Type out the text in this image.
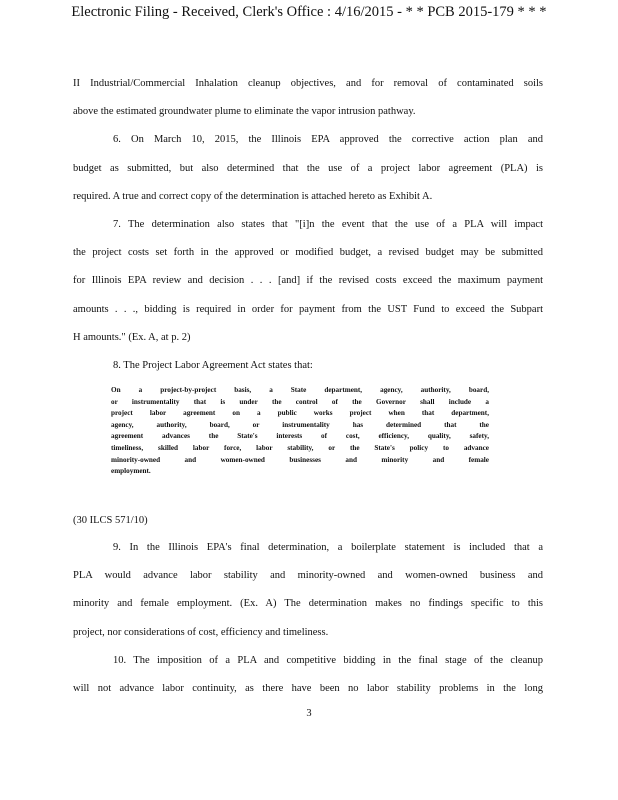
Electronic Filing - Received, Clerk's Office : 4/16/2015 - * * PCB 2015-179 * * *
II Industrial/Commercial Inhalation cleanup objectives, and for removal of contaminated soils
above the estimated groundwater plume to eliminate the vapor intrusion pathway.
6. On March 10, 2015, the Illinois EPA approved the corrective action plan and
budget as submitted, but also determined that the use of a project labor agreement (PLA) is
required. A true and correct copy of the determination is attached hereto as Exhibit A.
7. The determination also states that "[i]n the event that the use of a PLA will impact
the project costs set forth in the approved or modified budget, a revised budget may be submitted
for Illinois EPA review and decision . . . [and] if the revised costs exceed the maximum payment
amounts . . ., bidding is required in order for payment from the UST Fund to exceed the Subpart
H amounts." (Ex. A, at p. 2)
8. The Project Labor Agreement Act states that:
On a project-by-project basis, a State department, agency, authority, board,
or instrumentality that is under the control of the Governor shall include a
project labor agreement on a public works project when that department,
agency, authority, board, or instrumentality has determined that the
agreement advances the State's interests of cost, efficiency, quality, safety,
timeliness, skilled labor force, labor stability, or the State's policy to advance
minority-owned and women-owned businesses and minority and female
employment.
(30 ILCS 571/10)
9. In the Illinois EPA's final determination, a boilerplate statement is included that a
PLA would advance labor stability and minority-owned and women-owned business and
minority and female employment. (Ex. A) The determination makes no findings specific to this
project, nor considerations of cost, efficiency and timeliness.
10. The imposition of a PLA and competitive bidding in the final stage of the cleanup
will not advance labor continuity, as there have been no labor stability problems in the long
3
